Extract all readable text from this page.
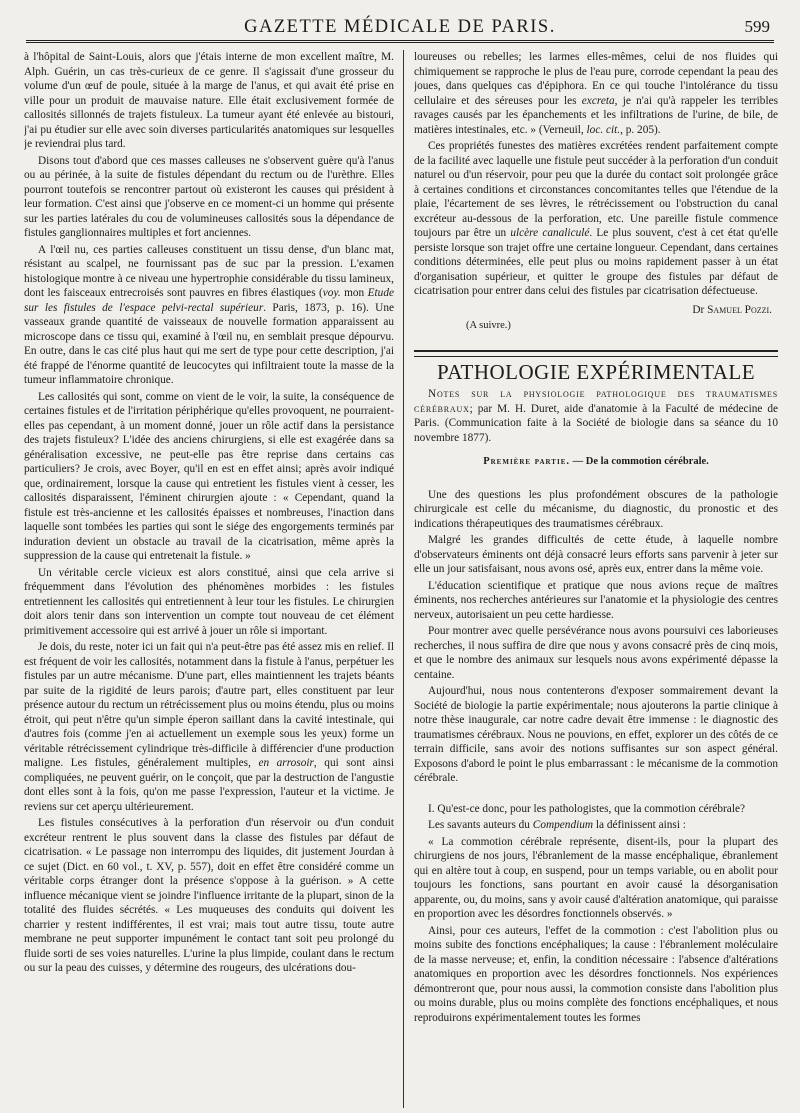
GAZETTE MÉDICALE DE PARIS.	599

à l'hôpital de Saint-Louis, alors que j'étais interne de mon excellent maître, M. Alph. Guérin, un cas très-curieux de ce genre. Il s'agissait d'une grosseur du volume d'un œuf de poule, située à la marge de l'anus, et qui avait été prise en ville pour un produit de mauvaise nature. Elle était exclusivement formée de callosités sillonnés de trajets fistuleux. La tumeur ayant été enlevée au bistouri, j'ai pu étudier sur elle avec soin diverses particularités anatomiques sur lesquelles je reviendrai plus tard.

Disons tout d'abord que ces masses calleuses ne s'observent guère qu'à l'anus ou au périnée, à la suite de fistules dépendant du rectum ou de l'urèthre. Elles pourront toutefois se rencontrer partout où existeront les causes qui président à leur formation. C'est ainsi que j'observe en ce moment-ci un homme qui présente sur les parties latérales du cou de volumineuses callosités sous la dépendance de fistules ganglionnaires multiples et fort anciennes.

A l'œil nu, ces parties calleuses constituent un tissu dense, d'un blanc mat, résistant au scalpel, ne fournissant pas de suc par la pression. L'examen histologique montre à ce niveau une hypertrophie considérable du tissu lamineux, dont les faisceaux entrecroisés sont pauvres en fibres élastiques (voy. mon Etude sur les fistules de l'espace pelvi-rectal supérieur. Paris, 1873, p. 16). Une vasseaux grande quantité de vaisseaux de nouvelle formation apparaissent au microscope dans ce tissu qui, examiné à l'œil nu, en semblait presque dépourvu. En outre, dans le cas cité plus haut qui me sert de type pour cette description, j'ai été frappé de l'énorme quantité de leucocytes qui infiltraient toute la masse de la tumeur inflammatoire chronique.

Les callosités qui sont, comme on vient de le voir, la suite, la conséquence de certaines fistules et de l'irritation périphérique qu'elles provoquent, ne pourraient-elles pas cependant, à un moment donné, jouer un rôle actif dans la persistance des trajets fistuleux? L'idée des anciens chirurgiens, si elle est exagérée dans sa généralisation excessive, ne peut-elle pas être reprise dans certains cas particuliers? Je crois, avec Boyer, qu'il en est en effet ainsi; après avoir indiqué que, ordinairement, lorsque la cause qui entretient les fistules vient à cesser, les callosités disparaissent, l'éminent chirurgien ajoute : « Cependant, quand la fistule est très-ancienne et les callosités épaisses et nombreuses, l'inaction dans laquelle sont tombées les parties qui sont le siége des engorgements terminés par induration devient un obstacle au travail de la cicatrisation, même après la suppression de la cause qui entretenait la fistule. »

Un véritable cercle vicieux est alors constitué, ainsi que cela arrive si fréquemment dans l'évolution des phénomènes morbides : les fistules entretiennent les callosités qui entretiennent à leur tour les fistules. Le chirurgien doit alors tenir dans son intervention un compte tout nouveau de cet élément primitivement accessoire qui est arrivé à jouer un rôle si important.

Je dois, du reste, noter ici un fait qui n'a peut-être pas été assez mis en relief. Il est fréquent de voir les callosités, notamment dans la fistule à l'anus, perpétuer les fistules par un autre mécanisme. D'une part, elles maintiennent les trajets béants par suite de la rigidité de leurs parois; d'autre part, elles constituent par leur présence autour du rectum un rétrécissement plus ou moins étendu, plus ou moins étroit, qui peut n'être qu'un simple éperon saillant dans la cavité intestinale, qui d'autres fois (comme j'en ai actuellement un exemple sous les yeux) forme un véritable rétrécissement cylindrique très-difficile à différencier d'une production maligne. Les fistules, généralement multiples, en arrosoir, qui sont ainsi compliquées, ne peuvent guérir, on le conçoit, que par la destruction de l'angustie dont elles sont à la fois, qu'on me passe l'expression, l'auteur et la victime. Je reviens sur cet aperçu ultérieurement.

Les fistules consécutives à la perforation d'un réservoir ou d'un conduit excréteur rentrent le plus souvent dans la classe des fistules par défaut de cicatrisation. « Le passage non interrompu des liquides, dit justement Jourdan à ce sujet (Dict. en 60 vol., t. XV, p. 557), doit en effet être considéré comme un véritable corps étranger dont la présence s'oppose à la guérison. » A cette influence mécanique vient se joindre l'influence irritante de la plupart, sinon de la totalité des fluides sécrétés. « Les muqueuses des conduits qui doivent les charrier y restent indifférentes, il est vrai; mais tout autre tissu, toute autre membrane ne peut supporter impunément le contact tant soit peu prolongé du fluide sorti de ses voies naturelles. L'urine la plus limpide, coulant dans le rectum ou sur la peau des cuisses, y détermine des rougeurs, des ulcérations dou-

loureuses ou rebelles; les larmes elles-mêmes, celui de nos fluides qui chimiquement se rapproche le plus de l'eau pure, corrode cependant la peau des joues, dans quelques cas d'épiphora. En ce qui touche l'intolérance du tissu cellulaire et des séreuses pour les excreta, je n'ai qu'à rappeler les terribles ravages causés par les épanchements et les infiltrations de l'urine, de bile, de matières intestinales, etc. » (Verneuil, loc. cit., p. 205).

Ces propriétés funestes des matières excrétées rendent parfaitement compte de la facilité avec laquelle une fistule peut succéder à la perforation d'un conduit naturel ou d'un réservoir, pour peu que la durée du contact soit prolongée grâce à certaines conditions et circonstances concomitantes telles que l'étendue de la plaie, l'écartement de ses lèvres, le rétrécissement ou l'obstruction du canal excréteur au-dessous de la perforation, etc. Une pareille fistule commence toujours par être un ulcère canaliculé. Le plus souvent, c'est à cet état qu'elle persiste lorsque son trajet offre une certaine longueur. Cependant, dans certaines conditions déterminées, elle peut plus ou moins rapidement passer à un état d'organisation supérieur, et quitter le groupe des fistules par défaut de cicatrisation pour entrer dans celui des fistules par cicatrisation défectueuse.

Dr Samuel Pozzi.

(A suivre.)

PATHOLOGIE EXPÉRIMENTALE

Notes sur la physiologie pathologique des traumatismes cérébraux; par M. H. Duret, aide d'anatomie à la Faculté de médecine de Paris. (Communication faite à la Société de biologie dans sa séance du 10 novembre 1877).

Première partie. — De la commotion cérébrale.

Une des questions les plus profondément obscures de la pathologie chirurgicale est celle du mécanisme, du diagnostic, du pronostic et des indications thérapeutiques des traumatismes cérébraux.

Malgré les grandes difficultés de cette étude, à laquelle nombre d'observateurs éminents ont déjà consacré leurs efforts sans parvenir à jeter sur elle un jour satisfaisant, nous avons osé, après eux, entrer dans la même voie.

L'éducation scientifique et pratique que nous avions reçue de maîtres éminents, nos recherches antérieures sur l'anatomie et la physiologie des centres nerveux, autorisaient un peu cette hardiesse.

Pour montrer avec quelle persévérance nous avons poursuivi ces laborieuses recherches, il nous suffira de dire que nous y avons consacré près de cinq mois, et que le nombre des animaux sur lesquels nous avons expérimenté dépasse la centaine.

Aujourd'hui, nous nous contenterons d'exposer sommairement devant la Société de biologie la partie expérimentale; nous ajouterons la partie clinique à notre thèse inaugurale, car notre cadre devait être immense : le diagnostic des traumatismes cérébraux. Nous ne pouvions, en effet, explorer un des côtés de ce terrain difficile, sans avoir des notions suffisantes sur son aspect général. Exposons d'abord le point le plus embarrassant : le mécanisme de la commotion cérébrale.

I. Qu'est-ce donc, pour les pathologistes, que la commotion cérébrale?

Les savants auteurs du Compendium la définissent ainsi :

« La commotion cérébrale représente, disent-ils, pour la plupart des chirurgiens de nos jours, l'ébranlement de la masse encéphalique, ébranlement qui en altère tout à coup, en suspend, pour un temps variable, ou en abolit pour toujours les fonctions, sans pourtant en avoir causé la désorganisation apparente, ou, du moins, sans y avoir causé d'altération anatomique, qui paraisse en proportion avec les désordres fonctionnels observés. »

Ainsi, pour ces auteurs, l'effet de la commotion : c'est l'abolition plus ou moins subite des fonctions encéphaliques; la cause : l'ébranlement moléculaire de la masse nerveuse; et, enfin, la condition nécessaire : l'absence d'altérations anatomiques en proportion avec les désordres fonctionnels. Nos expériences démontreront que, pour nous aussi, la commotion consiste dans l'abolition plus ou moins durable, plus ou moins complète des fonctions encéphaliques, et nous reproduirons expérimentalement toutes les formes
